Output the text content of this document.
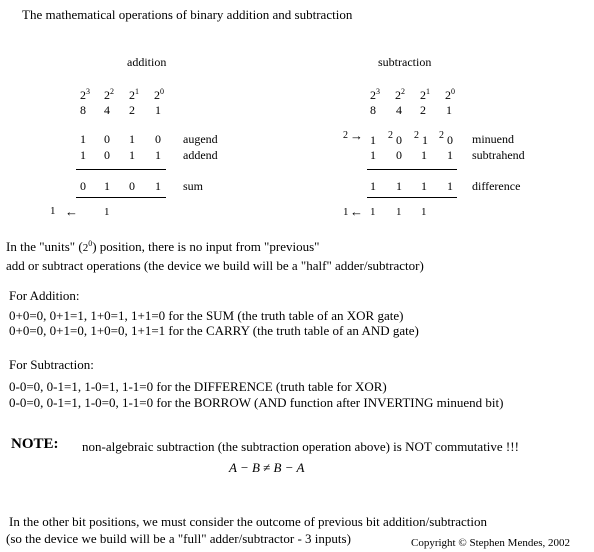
The mathematical operations of binary addition and subtraction
addition
$2^3$ $2^2$ $2^1$ $2^0$
8 4 2 1
1 0 1 0 augend
1 0 1 1 addend
0 1 0 1 sum
1 ← 1
subtraction
$2^3$ $2^2$ $2^1$ $2^0$
8 4 2 1
2 → 1 2 0 2 1 2 0 minuend
1 0 1 1 subtrahend
1 1 1 1 difference
1 ← 1 1 1
In the "units" $(2^0)$ position, there is no input from "previous"
add or subtract operations (the device we build will be a "half" adder/subtractor)
For Addition:
0+0=0, 0+1=1, 1+0=1, 1+1=0 for the SUM (the truth table of an XOR gate)
0+0=0, 0+1=0, 1+0=0, 1+1=1 for the CARRY (the truth table of an AND gate)
For Subtraction:
0-0=0, 0-1=1, 1-0=1, 1-1=0 for the DIFFERENCE (truth table for XOR)
0-0=0, 0-1=1, 1-0=0, 1-1=0 for the BORROW (AND function after INVERTING minuend bit)
NOTE: non-algebraic subtraction (the subtraction operation above) is NOT commutative !!!
A − B ≠ B − A
In the other bit positions, we must consider the outcome of previous bit addition/subtraction
(so the device we build will be a "full" adder/subtractor - 3 inputs)	Copyright © Stephen Mendes, 2002
